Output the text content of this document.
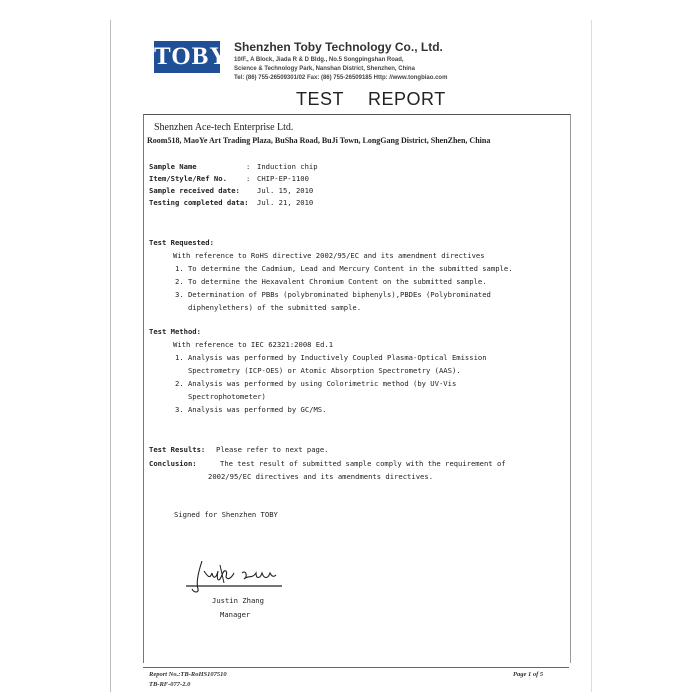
TOBY Shenzhen Toby Technology Co., Ltd.
10/F., A Block, Jiada R & D Bldg., No.5 Songpingshan Road,
Science & Technology Park, Nanshan District, Shenzhen, China
Tel: (86) 755-26509301/02 Fax: (86) 755-26509185 Http: //www.tongbiao.com
TEST REPORT
Shenzhen Ace-tech Enterprise Ltd.
Room518, MaoYe Art Trading Plaza, BuSha Road, BuJi Town, LongGang District, ShenZhen, China
Sample Name	: Induction chip
Item/Style/Ref No.	: CHIP-EP-1100
Sample received date: Jul. 15, 2010
Testing completed data: Jul. 21, 2010
Test Requested:
With reference to RoHS directive 2002/95/EC and its amendment directives
1. To determine the Cadmium, Lead and Mercury Content in the submitted sample.
2. To determine the Hexavalent Chromium Content on the submitted sample.
3. Determination of PBBs (polybrominated biphenyls),PBDEs (Polybrominated
diphenylethers) of the submitted sample.
Test Method:
With reference to IEC 62321:2008 Ed.1
1. Analysis was performed by Inductively Coupled Plasma-Optical Emission
Spectrometry (ICP-OES) or Atomic Absorption Spectrometry (AAS).
2. Analysis was performed by using Colorimetric method (by UV-Vis
Spectrophotometer)
3. Analysis was performed by GC/MS.
Test Results: Please refer to next page.
Conclusion:	The test result of submitted sample comply with the requirement of
2002/95/EC directives and its amendments directives.
Signed for Shenzhen TOBY
Justin Zhang
Manager
Report No.:TB-RoHS107510
TB-RF-077-2.0
Page 1 of 5
